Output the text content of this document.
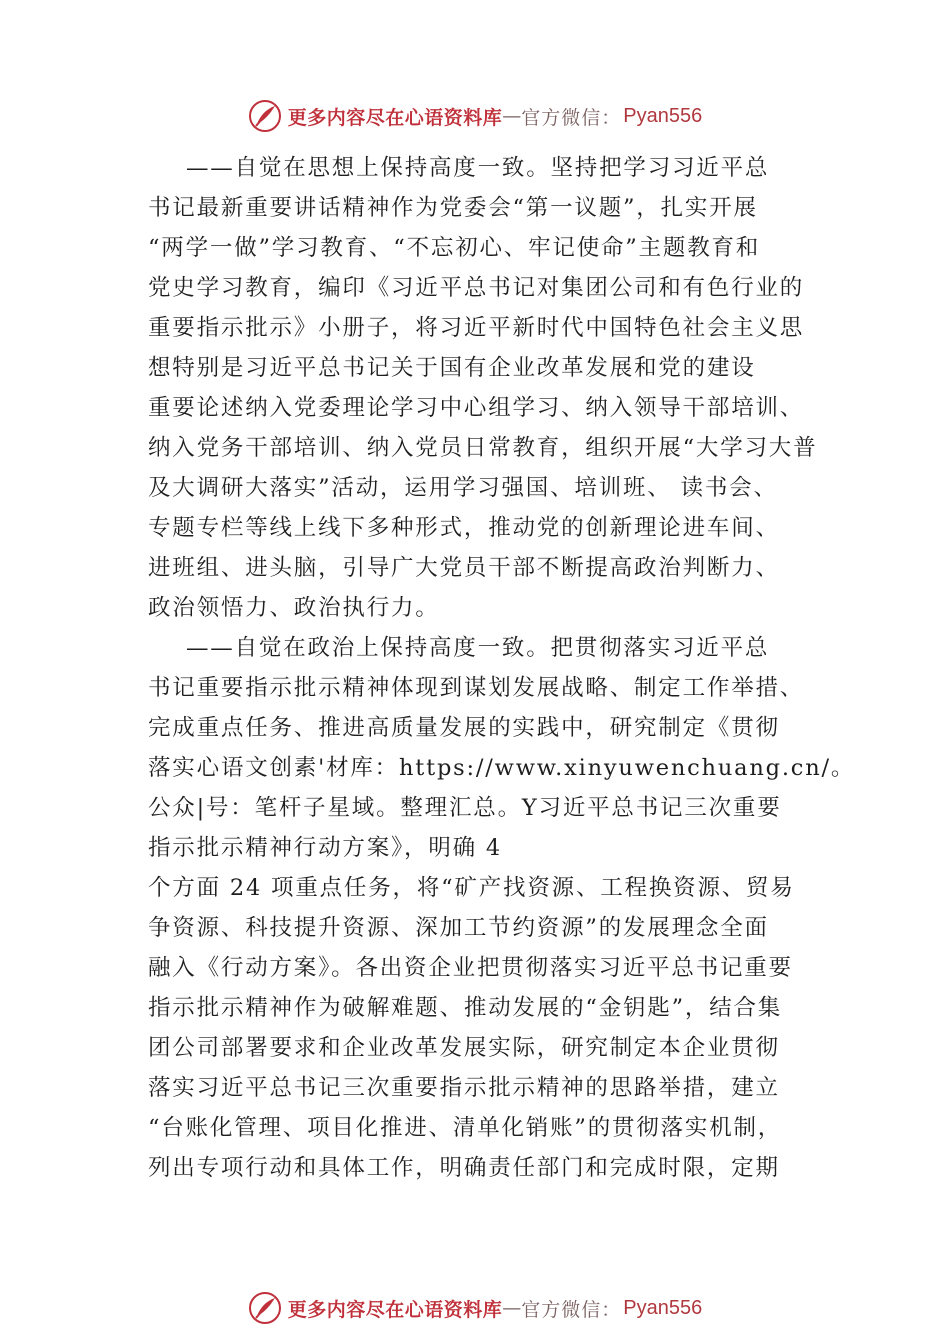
更多内容尽在心语资料库 — 官方微信： Pyan556
——自觉在思想上保持高度一致。坚持把学习习近平总
书记最新重要讲话精神作为党委会“第一议题”，扎实开展
“两学一做”学习教育、“不忘初心、牢记使命”主题教育和
党史学习教育，编印《习近平总书记对集团公司和有色行业的
重要指示批示》小册子，将习近平新时代中国特色社会主义思
想特别是习近平总书记关于国有企业改革发展和党的建设
重要论述纳入党委理论学习中心组学习、纳入领导干部培训、
纳入党务干部培训、纳入党员日常教育，组织开展“大学习大普
及大调研大落实”活动，运用学习强国、培训班、 读书会、
专题专栏等线上线下多种形式，推动党的创新理论进车间、
进班组、进头脑，引导广大党员干部不断提高政治判断力、
政治领悟力、政治执行力。
——自觉在政治上保持高度一致。把贯彻落实习近平总
书记重要指示批示精神体现到谋划发展战略、制定工作举措、
完成重点任务、推进高质量发展的实践中，研究制定《贯彻
落实心语文创素'材库：https://www.xinyuwenchuang.cn/。
公众|号：笔杆子星域。整理汇总。Y习近平总书记三次重要
指示批示精神行动方案》，明确 4
个方面 24 项重点任务，将“矿产找资源、工程换资源、贸易
争资源、科技提升资源、深加工节约资源”的发展理念全面
融入《行动方案》。各出资企业把贯彻落实习近平总书记重要
指示批示精神作为破解难题、推动发展的“金钥匙”，结合集
团公司部署要求和企业改革发展实际，研究制定本企业贯彻
落实习近平总书记三次重要指示批示精神的思路举措，建立
“台账化管理、项目化推进、清单化销账”的贯彻落实机制，
列出专项行动和具体工作，明确责任部门和完成时限，定期
更多内容尽在心语资料库 — 官方微信： Pyan556
